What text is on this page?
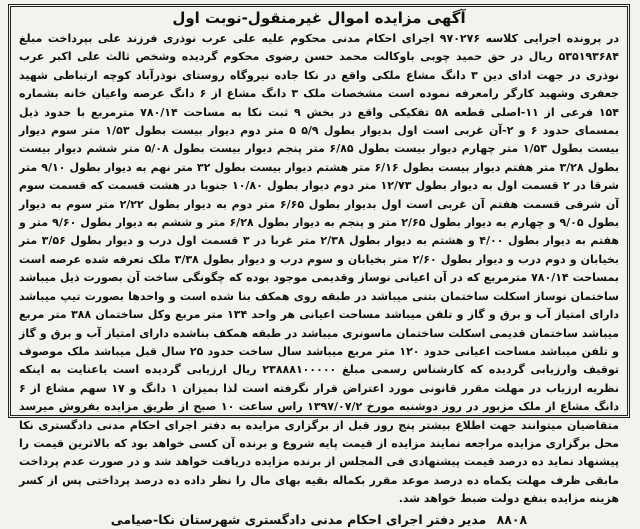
آگهی مزایده اموال غیرمنقول-نوبت اول
در پرونده اجرایی کلاسه ۹۷۰۲۷۶ اجرای احکام مدنی محکوم علیه علی عرب نوذری فرزند علی بپرداخت مبلغ ۵۳۵۱۹۳۶۸۴ ریال در حق حمید چوبی باوکالت محمد حسن رضوی محکوم گردیده وشخص ثالث علی اکبر عرب نوذری در جهت ادای دین ۳ دانگ مشاع ملکی واقع در نکا جاده نیروگاه روستای نوذرآباد کوچه ارتباطی شهید جعفری وشهید کارگر رامعرفه نموده است مشخصات ملک ۳ دانگ مشاع از ۶ دانگ عرصه واعیان خانه بشماره ۱۵۴ فرعی از ۱۱-اصلی قطعه ۵۸ تفکیکی واقع در بخش ۹ ثبت نکا به مساحت ۷۸۰/۱۴ مترمربع با حدود ذیل بمسمای حدود ۶ و ۲-آن غربی است اول بدیوار بطول ۵/۹ ۵ متر دوم دیوار بیست بطول ۱/۵۳ متر سوم دیوار بیست بطول ۱/۵۳ متر چهارم دیوار بیست بطول ۶/۸۵ متر پنجم دیوار بیست بطول ۵/۰۸ متر ششم دیوار بیست بطول ۳/۲۸ متر هفتم دیوار بیست بطول ۶/۱۶ متر هشتم دیوار بیست بطول ۳۲ متر نهم به دیوار بطول ۹/۱۰ متر شرقا در ۲ قسمت اول به دیوار بطول ۱۲/۷۳ متر دوم دیوار بطول ۱۰/۸۰ جنوبا در هشت قسمت که قسمت سوم آن شرقی قسمت هفتم آن غربی است اول بدیوار بطول ۶/۶۵ متر دوم به دیوار بطول ۲/۲۲ متر سوم به دیوار بطول ۹/۰۵ و چهارم به دیوار بطول ۲/۶۵ متر و پنجم به دیوار بطول ۶/۲۸ متر و ششم به دیوار بطول ۹/۶۰ متر و هفتم به دیوار بطول ۴/۰۰ و هشتم به دیوار بطول ۲/۳۸ متر غربا در ۳ قسمت اول درب و دیوار بطول ۳/۵۶ متر بخیابان و دوم درب و دیوار بطول ۲/۶۰ متر بخیابان و سوم درب و دیوار بطول ۳/۳۸ ملک تعرفه شده عرصه است بمساحت ۷۸۰/۱۴ مترمربع که در آن اعیانی نوساز وقدیمی موجود بوده که چگونگی ساخت آن بصورت ذیل میباشد ساختمان نوساز اسکلت ساختمان بتنی میباشد در طبقه روی همکف بنا شده است و واحدها بصورت تیپ میباشد دارای امتیاز آب و برق و گاز و تلفن میباشد مساحت اعیانی هر واحد ۱۳۴ متر مربع وکل ساختمان ۳۸۸ متر مربع میباشد ساختمان قدیمی اسکلت ساختمان ماسونری میباشد در طبقه همکف بناشده دارای امتیاز آب و برق و گاز و تلفن میباشد مساحت اعیانی حدود ۱۲۰ متر مربع میباشد سال ساخت حدود ۲۵ سال قبل میباشد ملک موصوف توقیف وارزیابی گردیده که کارشناس رسمی مبلغ ۲۳۸۸۸۱۰۰۰۰۰ ریال ارزیابی گردیده است باعنایت به اینکه نظریه ارزیاب در مهلت مقرر قانونی مورد اعتراض قرار نگرفته است لذا بمیزان ۱ دانگ و ۱۷ سهم مشاع از ۶ دانگ مشاع از ملک مزبور در روز دوشنبه مورخ ۱۳۹۷/۰۷/۲ راس ساعت ۱۰ صبح از طریق مزایده بفروش میرسد متقاضیان میتوانند جهت اطلاع بیشتر پنج روز قبل از برگزاری مزایده به دفتر اجرای احکام مدنی دادگستری نکا محل برگزاری مزایده مراجعه نمایند مزایده از قیمت پایه شروع و برنده آن کسی خواهد بود که بالاترین قیمت را پیشنهاد نماید ده درصد قیمت پیشنهادی فی المجلس از برنده مزایده دریافت خواهد شد و در صورت عدم پرداخت مابقی ظرف مهلت یکماه ده درصد موعد مقرر بکماله بقیه بهای مال را نظر داده ده درصد پرداختی پس از کسر هزینه مزایده بنفع دولت ضبط خواهد شد.
۸۸۰۸ مدیر دفتر اجرای احکام مدنی دادگستری شهرستان نکا-صیامی
